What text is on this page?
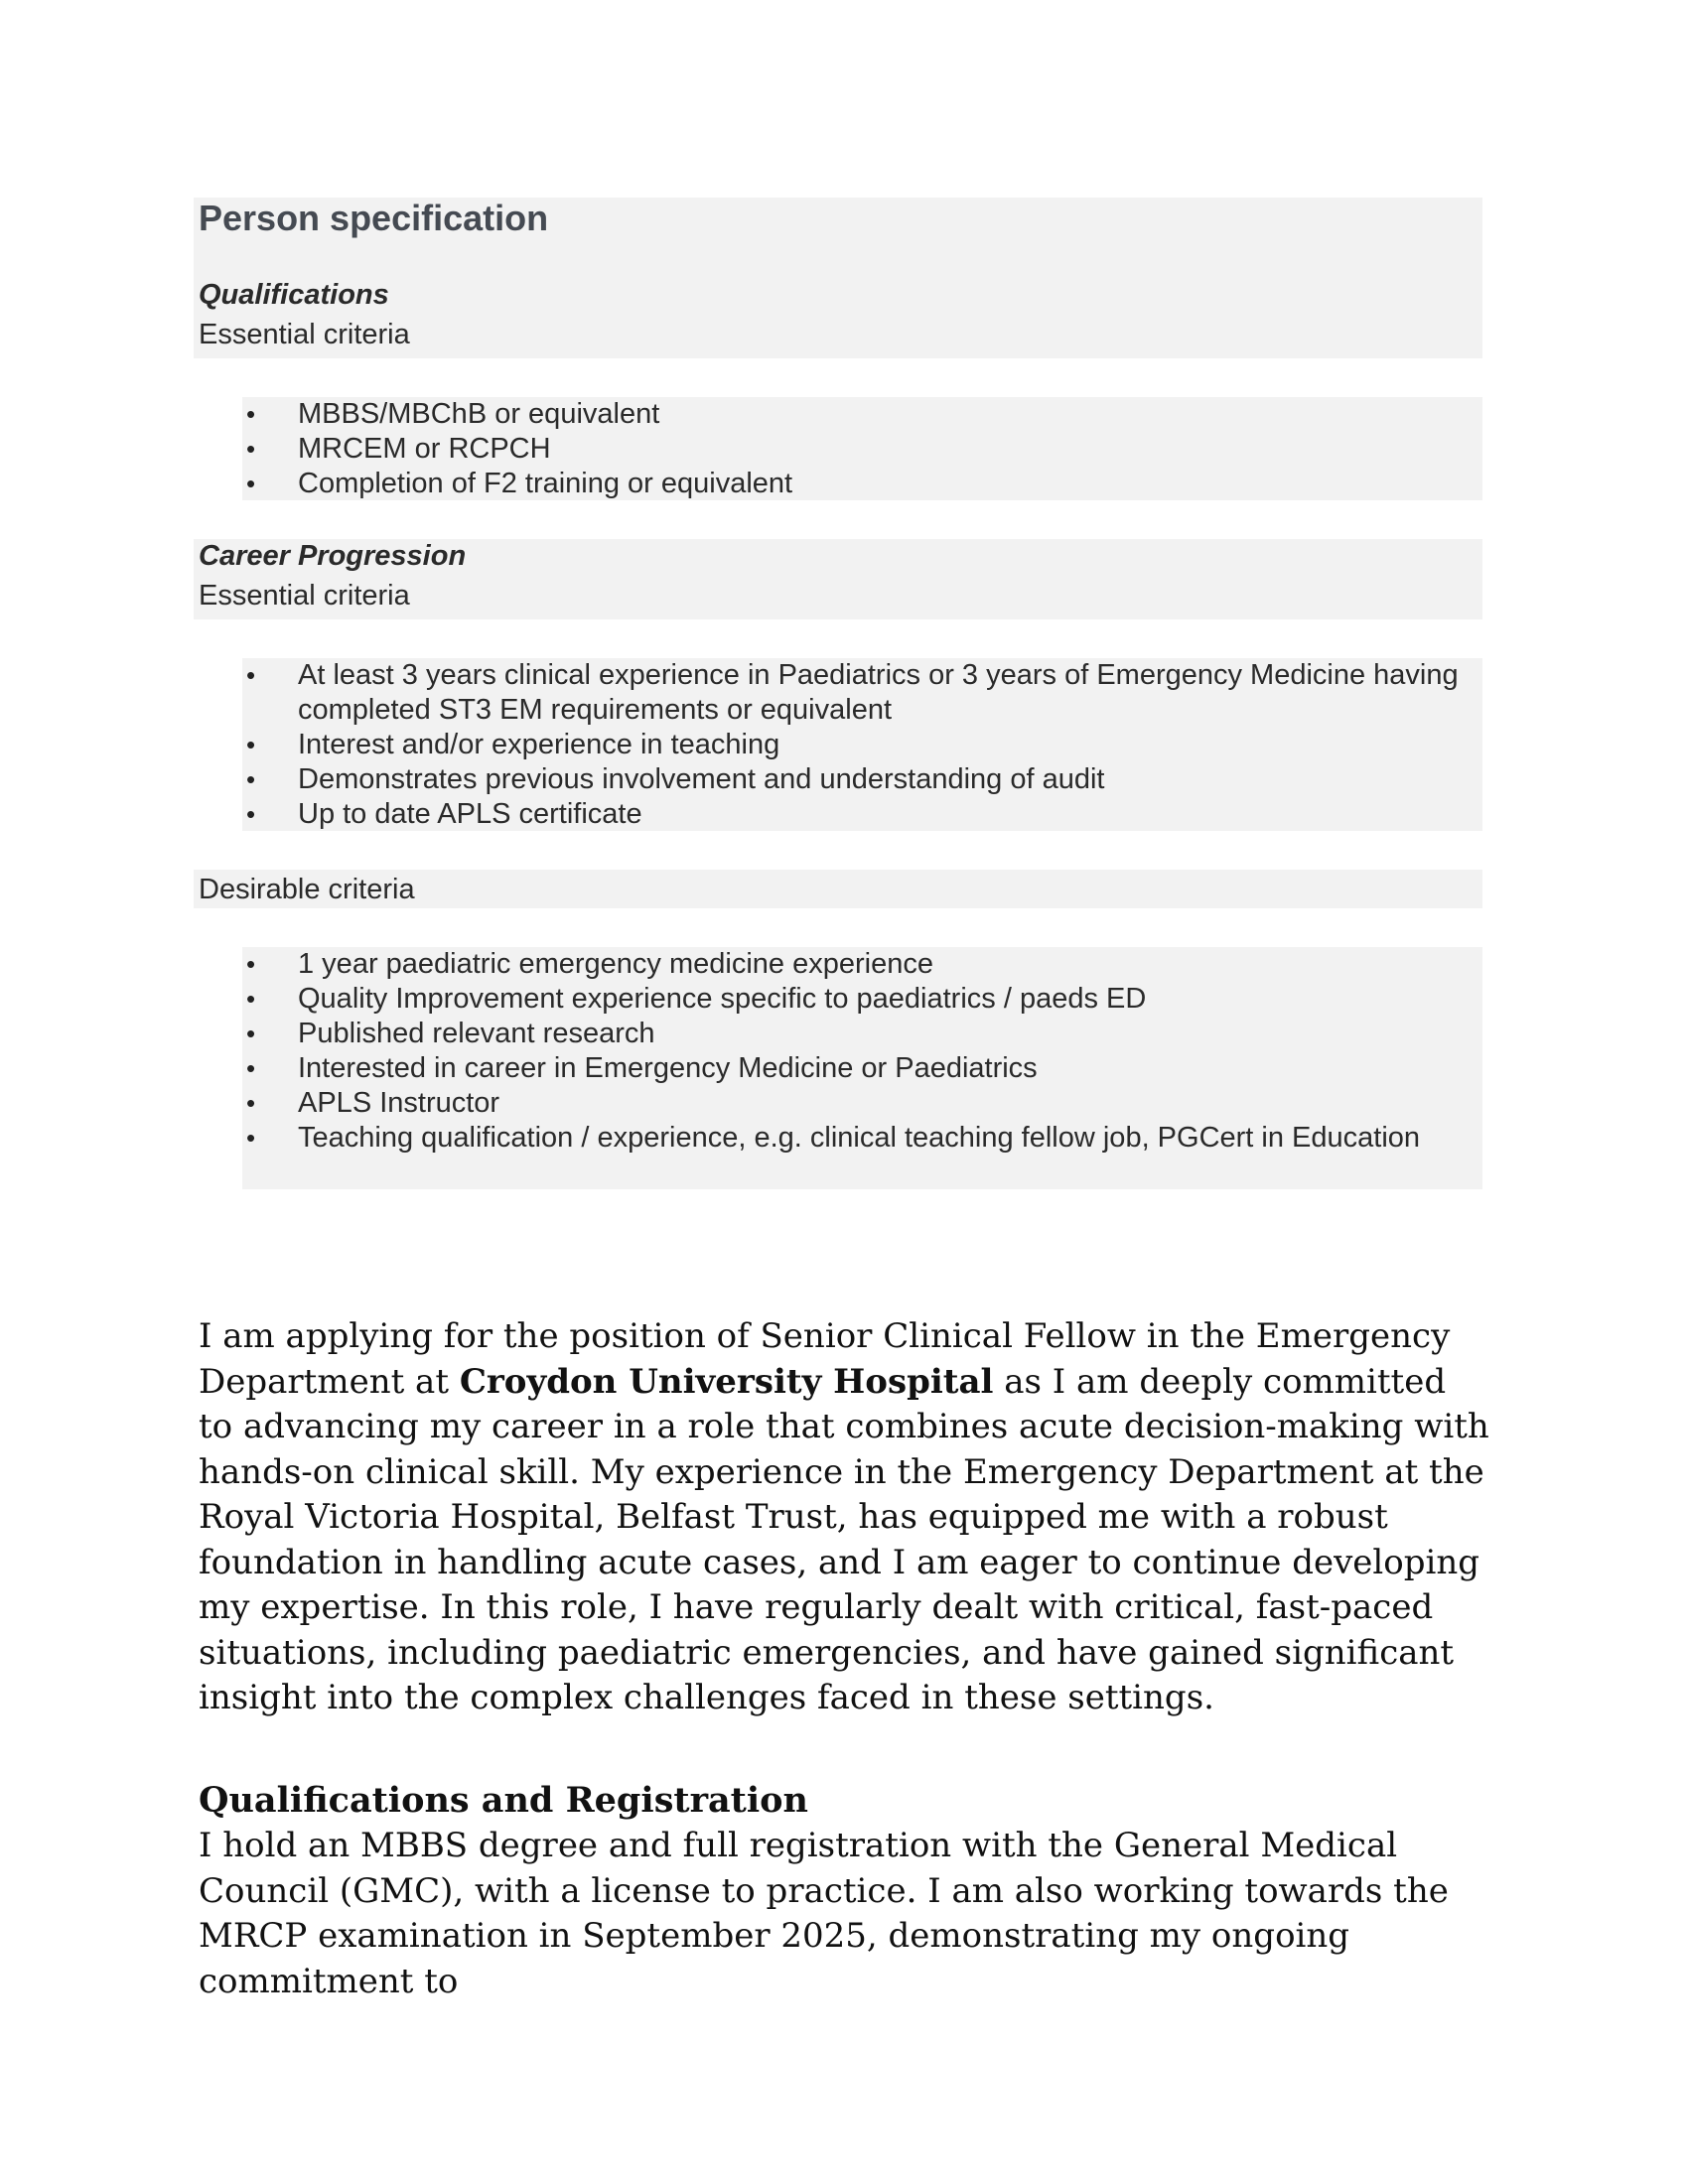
Person specification
Qualifications
Essential criteria
• MBBS/MBChB or equivalent
• MRCEM or RCPCH
• Completion of F2 training or equivalent
Career Progression
Essential criteria
• At least 3 years clinical experience in Paediatrics or 3 years of Emergency Medicine having completed ST3 EM requirements or equivalent
• Interest and/or experience in teaching
• Demonstrates previous involvement and understanding of audit
• Up to date APLS certificate
Desirable criteria
• 1 year paediatric emergency medicine experience
• Quality Improvement experience specific to paediatrics / paeds ED
• Published relevant research
• Interested in career in Emergency Medicine or Paediatrics
• APLS Instructor
• Teaching qualification / experience, e.g. clinical teaching fellow job, PGCert in Education

I am applying for the position of Senior Clinical Fellow in the Emergency Department at Croydon University Hospital as I am deeply committed to advancing my career in a role that combines acute decision-making with hands-on clinical skill. My experience in the Emergency Department at the Royal Victoria Hospital, Belfast Trust, has equipped me with a robust foundation in handling acute cases, and I am eager to continue developing my expertise. In this role, I have regularly dealt with critical, fast-paced situations, including paediatric emergencies, and have gained significant insight into the complex challenges faced in these settings.

Qualifications and Registration

I hold an MBBS degree and full registration with the General Medical Council (GMC), with a license to practice. I am also working towards the MRCP examination in September 2025, demonstrating my ongoing commitment to
